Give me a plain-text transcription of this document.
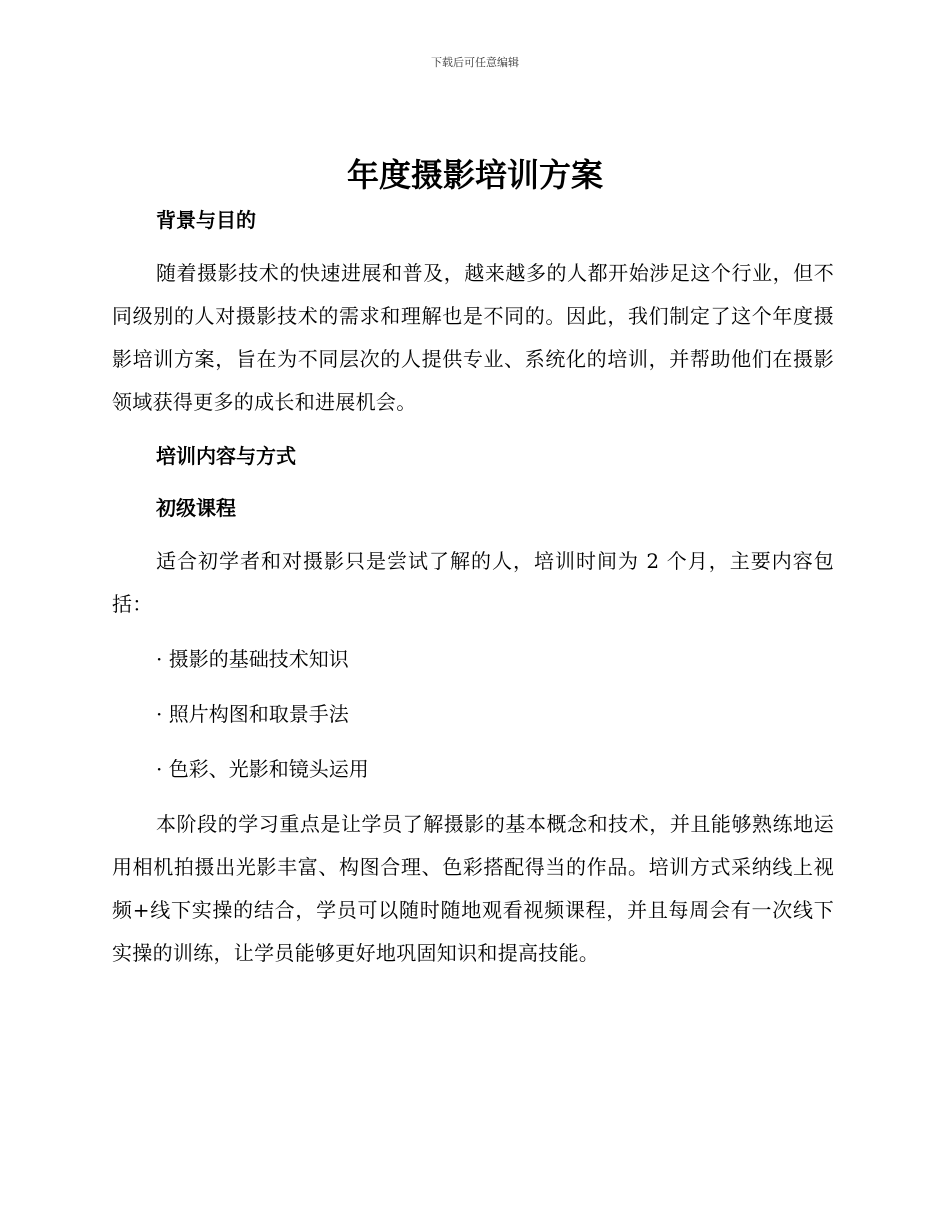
下载后可任意编辑
年度摄影培训方案

背景与目的

随着摄影技术的快速进展和普及，越来越多的人都开始涉足这个行业，但不同级别的人对摄影技术的需求和理解也是不同的。因此，我们制定了这个年度摄影培训方案，旨在为不同层次的人提供专业、系统化的培训，并帮助他们在摄影领域获得更多的成长和进展机会。

培训内容与方式

初级课程

适合初学者和对摄影只是尝试了解的人，培训时间为 2 个月，主要内容包括：

· 摄影的基础技术知识

· 照片构图和取景手法

· 色彩、光影和镜头运用

本阶段的学习重点是让学员了解摄影的基本概念和技术，并且能够熟练地运用相机拍摄出光影丰富、构图合理、色彩搭配得当的作品。培训方式采纳线上视频+线下实操的结合，学员可以随时随地观看视频课程，并且每周会有一次线下实操的训练，让学员能够更好地巩固知识和提高技能。
